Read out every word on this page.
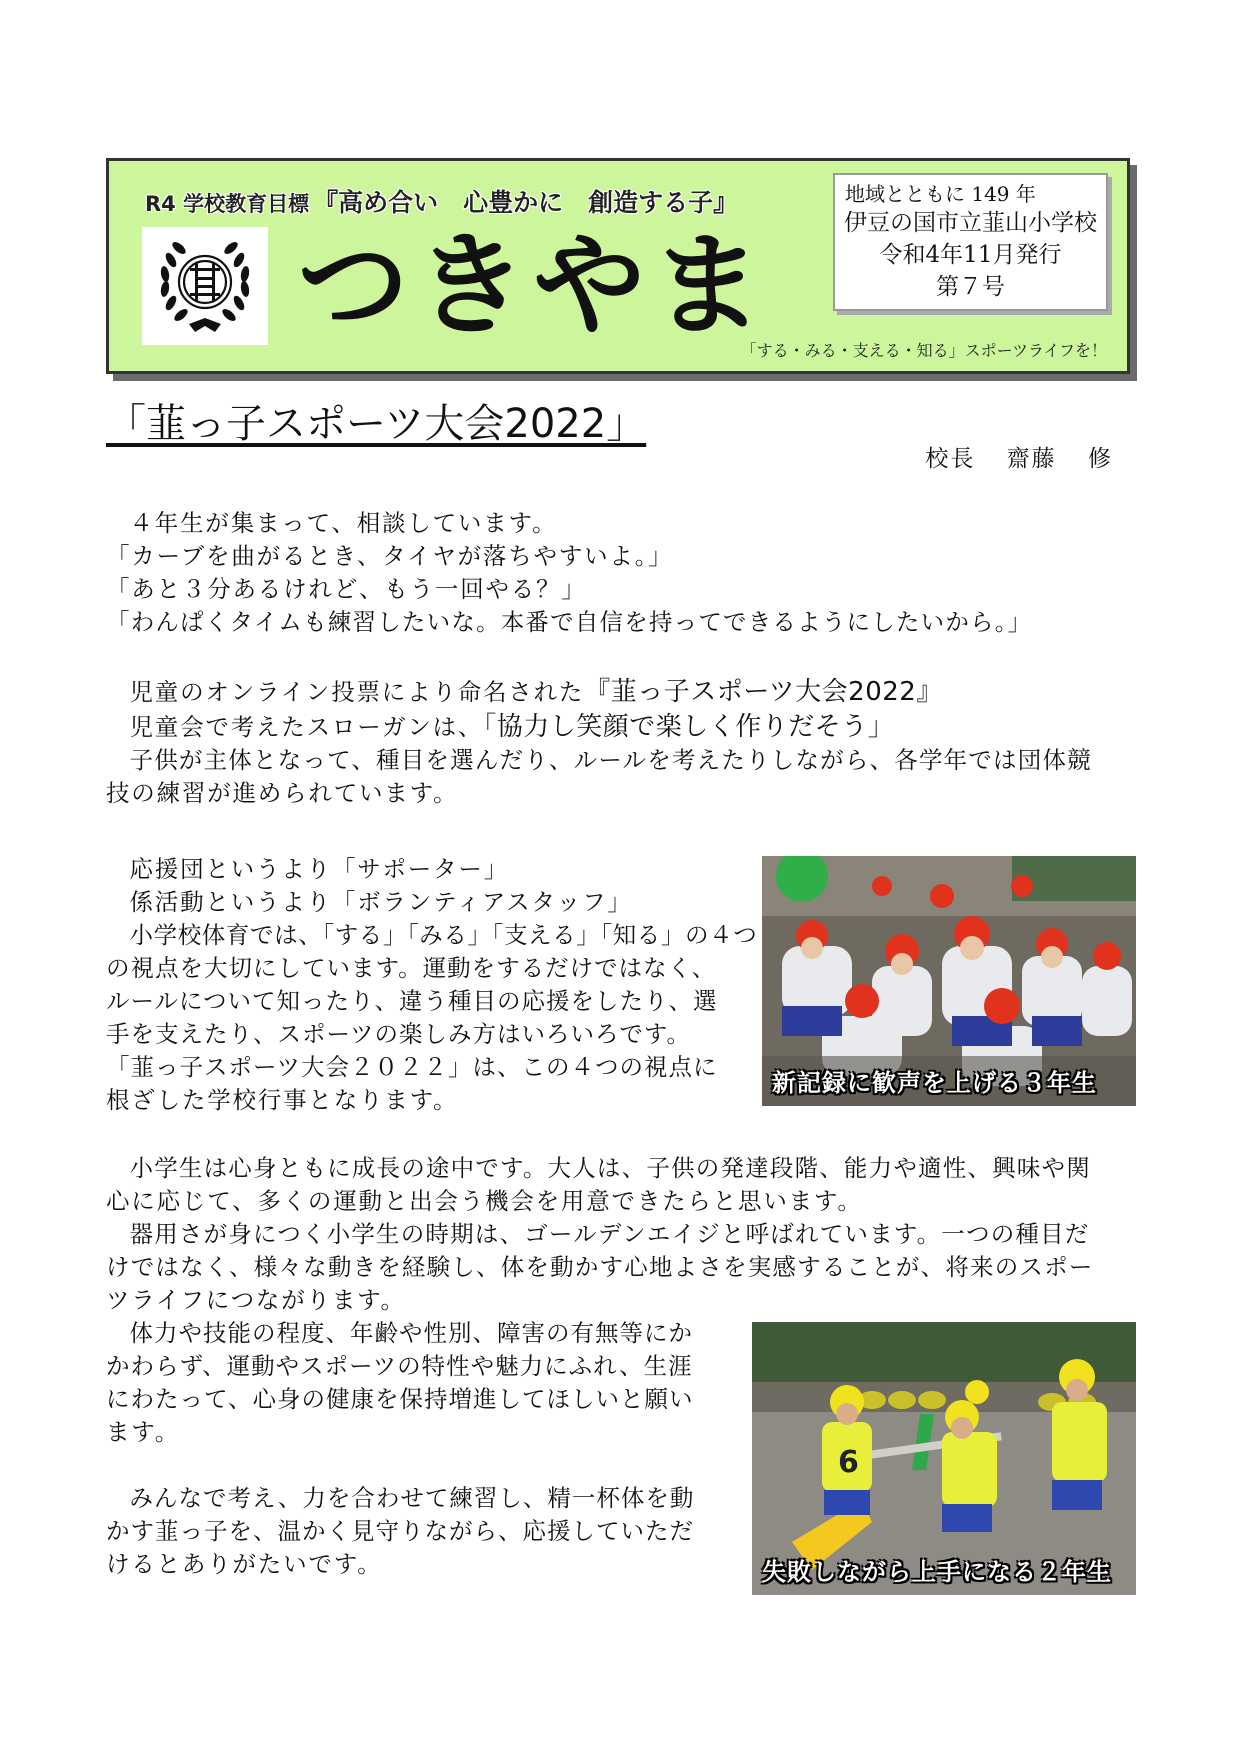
R4 学校教育目標 『高め合い　心豊かに　創造する子』
つきやま
地域とともに 149 年
伊豆の国市立韮山小学校
令和4年11月発行
第７号
「する・みる・支える・知る」スポーツライフを！
「韮っ子スポーツ大会2022」
校長 齋藤 修

４年生が集まって、相談しています。

「カーブを曲がるとき、タイヤが落ちやすいよ。」

「あと３分あるけれど、もう一回やる？」

「わんぱくタイムも練習したいな。本番で自信を持ってできるようにしたいから。」

児童のオンライン投票により命名された『韮っ子スポーツ大会2022』

児童会で考えたスローガンは、「協力し笑顔で楽しく作りだそう」

子供が主体となって、種目を選んだり、ルールを考えたりしながら、各学年では団体競

技の練習が進められています。

応援団というより「サポーター」

係活動というより「ボランティアスタッフ」

小学校体育では、「する」「みる」「支える」「知る」の４つ

の視点を大切にしています。運動をするだけではなく、

ルールについて知ったり、違う種目の応援をしたり、選

手を支えたり、スポーツの楽しみ方はいろいろです。

「韮っ子スポーツ大会２０２２」は、この４つの視点に

根ざした学校行事となります。

新記録に歓声を上げる３年生

小学生は心身ともに成長の途中です。大人は、子供の発達段階、能力や適性、興味や関

心に応じて、多くの運動と出会う機会を用意できたらと思います。

器用さが身につく小学生の時期は、ゴールデンエイジと呼ばれています。一つの種目だ

けではなく、様々な動きを経験し、体を動かす心地よさを実感することが、将来のスポー

ツライフにつながります。

体力や技能の程度、年齢や性別、障害の有無等にか

かわらず、運動やスポーツの特性や魅力にふれ、生涯

にわたって、心身の健康を保持増進してほしいと願い

ます。

みんなで考え、力を合わせて練習し、精一杯体を動

かす韮っ子を、温かく見守りながら、応援していただ

けるとありがたいです。

6
失敗しながら上手になる２年生
